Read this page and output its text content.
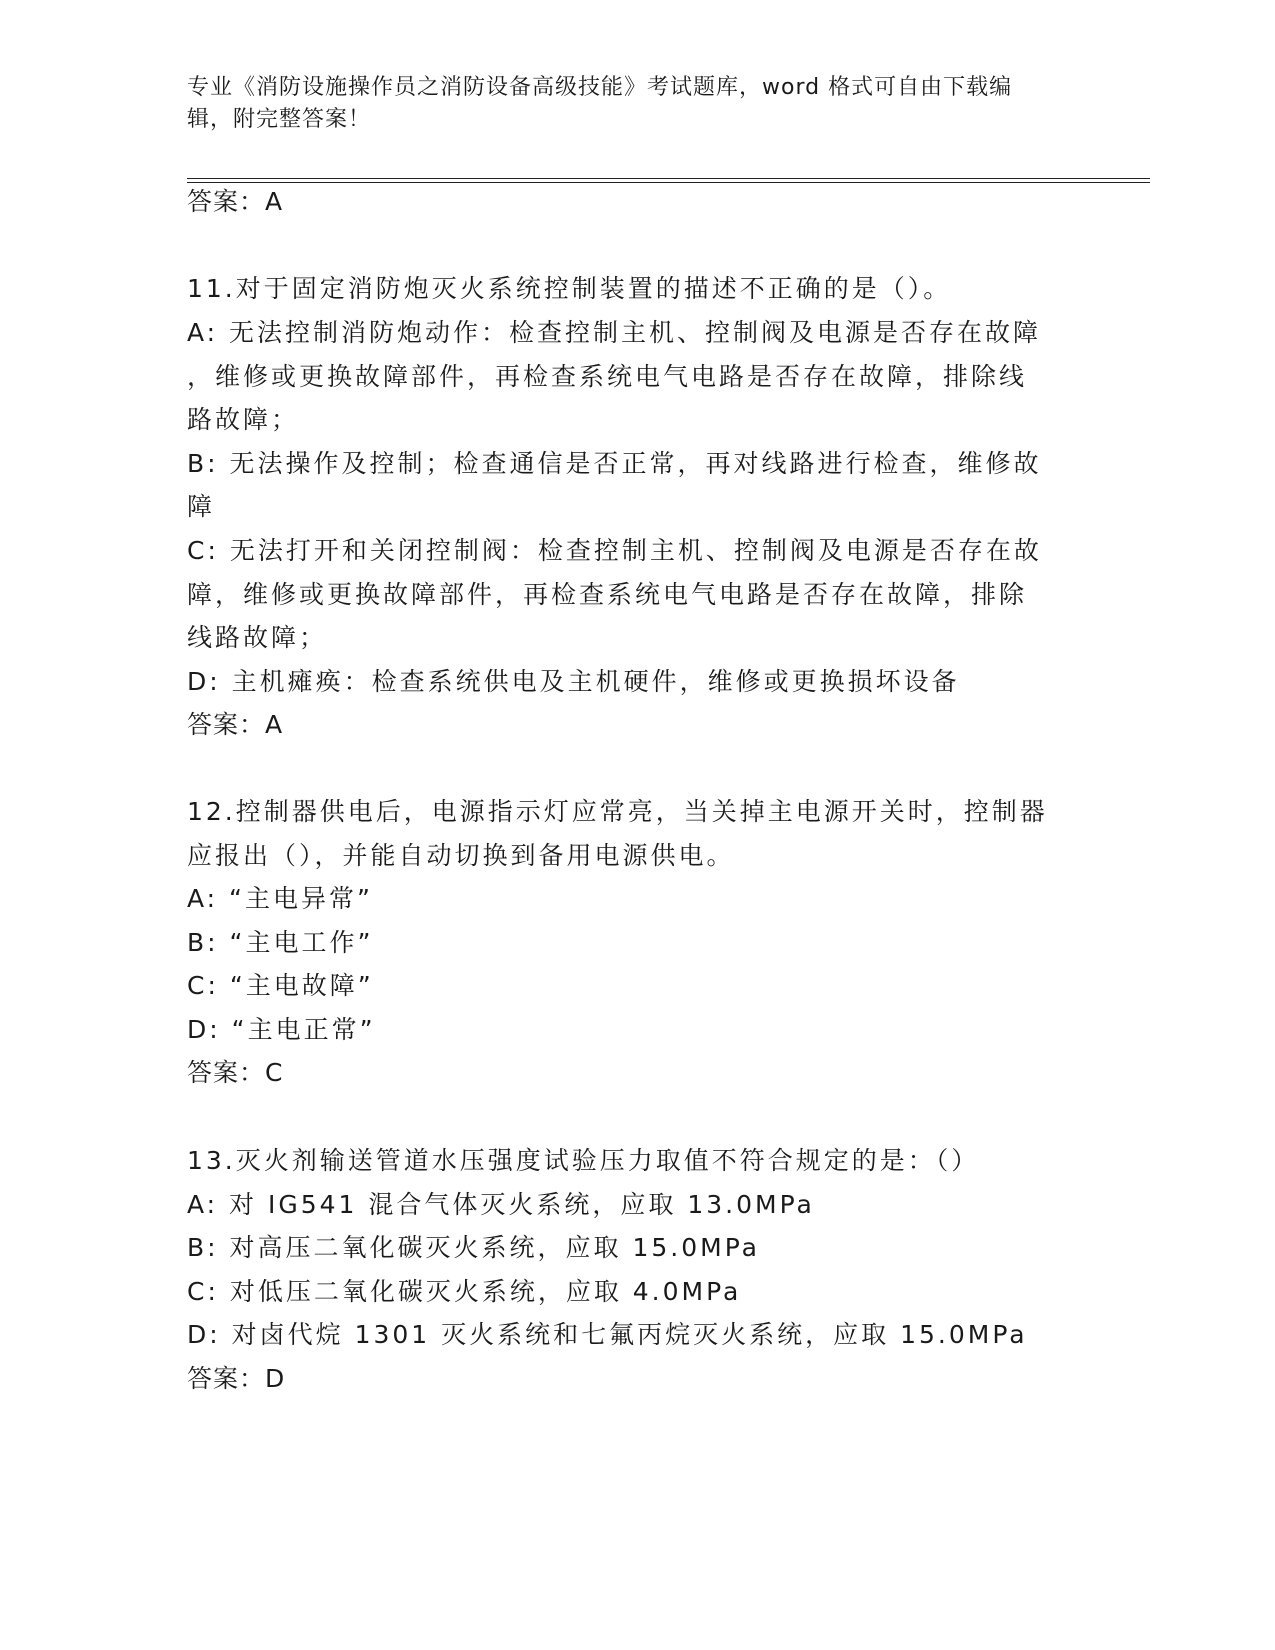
专业《消防设施操作员之消防设备高级技能》考试题库，word 格式可自由下载编
辑，附完整答案！
答案：A
11.对于固定消防炮灭火系统控制装置的描述不正确的是（）。
A: 无法控制消防炮动作：检查控制主机、控制阀及电源是否存在故障
，维修或更换故障部件，再检查系统电气电路是否存在故障，排除线
路故障；
B: 无法操作及控制；检查通信是否正常，再对线路进行检查，维修故
障
C: 无法打开和关闭控制阀：检查控制主机、控制阀及电源是否存在故
障，维修或更换故障部件，再检查系统电气电路是否存在故障，排除
线路故障；
D: 主机瘫痪：检查系统供电及主机硬件，维修或更换损坏设备
答案：A
12.控制器供电后，电源指示灯应常亮，当关掉主电源开关时，控制器
应报出（），并能自动切换到备用电源供电。
A: “主电异常”
B: “主电工作”
C: “主电故障”
D: “主电正常”
答案：C
13.灭火剂输送管道水压强度试验压力取值不符合规定的是：（）
A: 对 IG541 混合气体灭火系统，应取 13.0MPa
B: 对高压二氧化碳灭火系统，应取 15.0MPa
C: 对低压二氧化碳灭火系统，应取 4.0MPa
D: 对卤代烷 1301 灭火系统和七氟丙烷灭火系统，应取 15.0MPa
答案：D
